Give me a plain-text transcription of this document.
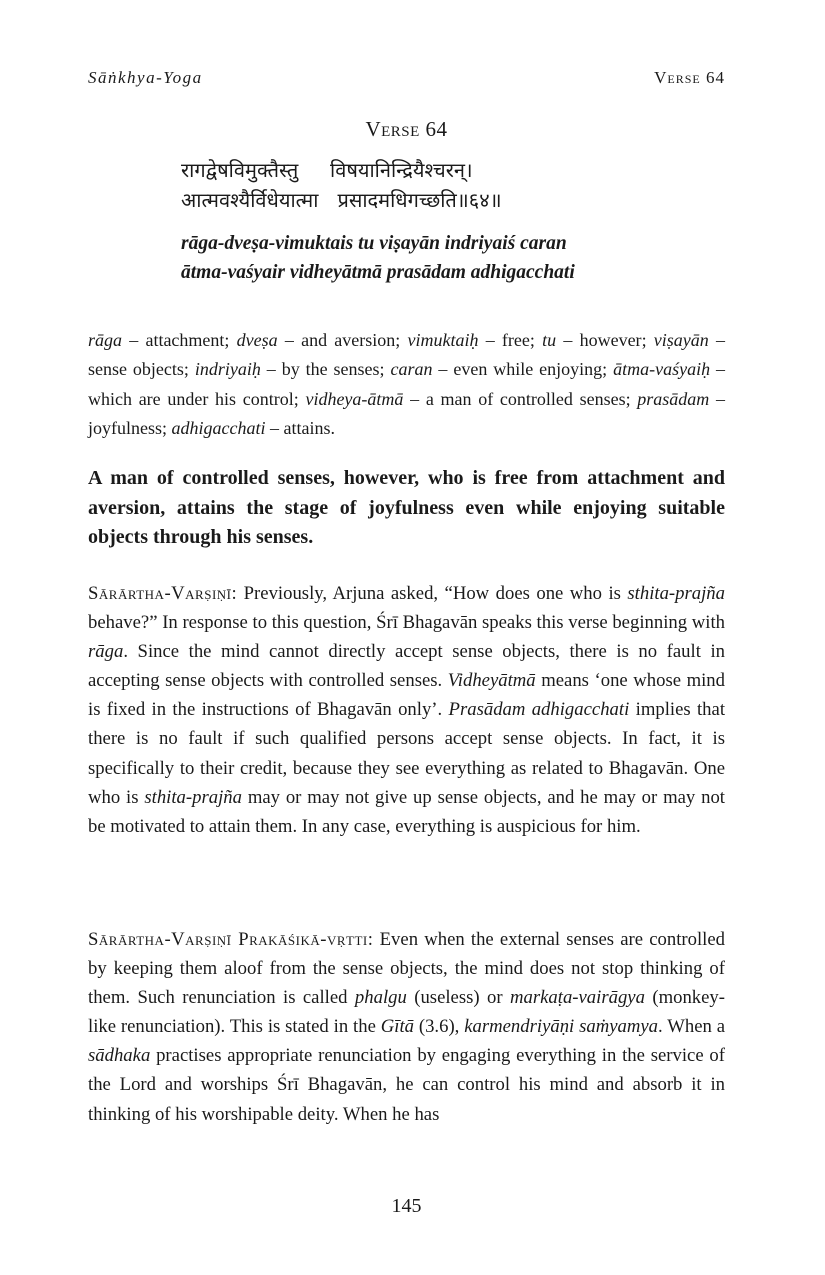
Sāṅkhya-Yoga	Verse 64
Verse 64
रागद्वेषविमुक्तैस्तु     विषयानिन्द्रियैश्चरन्।
आत्मवश्यैर्विधेयात्मा   प्रसादमधिगच्छति॥६४॥
rāga-dveṣa-vimuktais tu viṣayān indriyaiś caran
ātma-vaśyair vidheyātmā prasādam adhigacchati
rāga – attachment; dveṣa – and aversion; vimuktaiḥ – free; tu – however; viṣayān – sense objects; indriyaiḥ – by the senses; caran – even while enjoying; ātma-vaśyaiḥ – which are under his control; vidheya-ātmā – a man of controlled senses; prasādam – joyfulness; adhigacchati – attains.
A man of controlled senses, however, who is free from attachment and aversion, attains the stage of joyfulness even while enjoying suitable objects through his senses.

Sārārtha-Varṣiṇī: Previously, Arjuna asked, “How does one who is sthita-prajña behave?” In response to this question, Śrī Bhagavān speaks this verse beginning with rāga. Since the mind cannot directly accept sense objects, there is no fault in accepting sense objects with controlled senses. Vidheyātmā means ‘one whose mind is fixed in the instructions of Bhagavān only’. Prasādam adhigacchati implies that there is no fault if such qualified persons accept sense objects. In fact, it is specifically to their credit, because they see everything as related to Bhagavān. One who is sthita-prajña may or may not give up sense objects, and he may or may not be motivated to attain them. In any case, everything is auspicious for him.

Sārārtha-Varṣiṇī Prakāśikā-vṛtti: Even when the external senses are controlled by keeping them aloof from the sense objects, the mind does not stop thinking of them. Such renunciation is called phalgu (useless) or markaṭa-vairāgya (monkey-like renunciation). This is stated in the Gītā (3.6), karmendriyāṇi saṁyamya. When a sādhaka practises appropriate renunciation by engaging everything in the service of the Lord and worships Śrī Bhagavān, he can control his mind and absorb it in thinking of his worshipable deity. When he has

145
